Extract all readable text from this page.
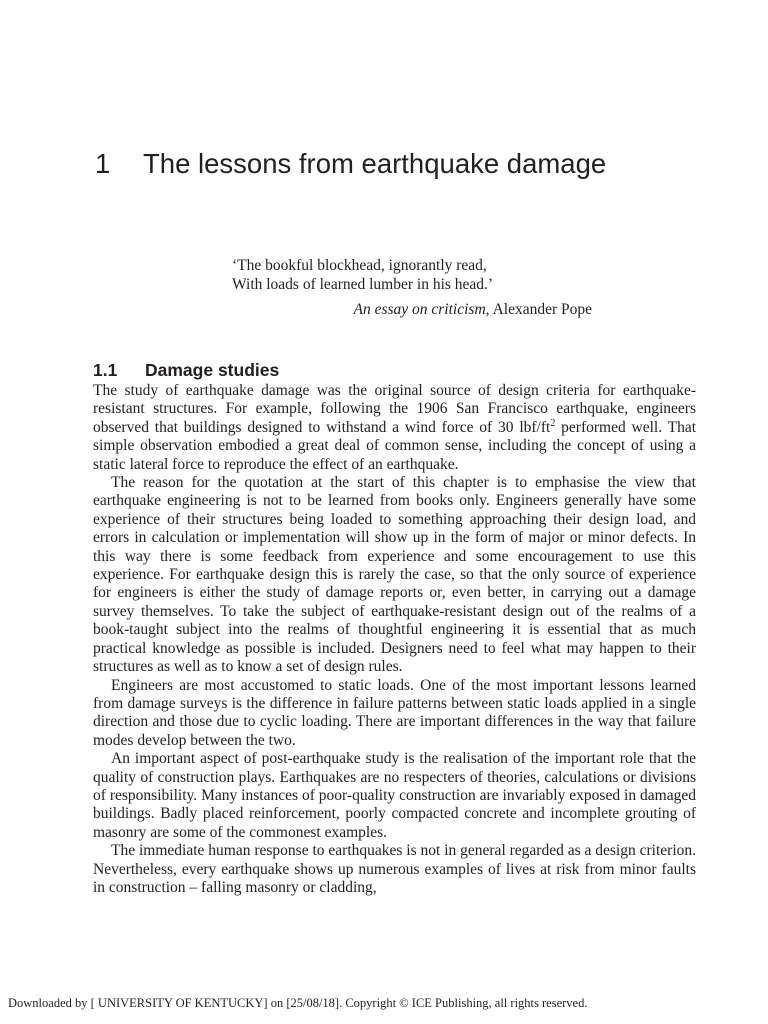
1 The lessons from earthquake damage
‘The bookful blockhead, ignorantly read,
With loads of learned lumber in his head.’
An essay on criticism, Alexander Pope
1.1 Damage studies

The study of earthquake damage was the original source of design criteria for earthquake-resistant structures. For example, following the 1906 San Francisco earthquake, engineers observed that buildings designed to withstand a wind force of 30 lbf/$ft^2$ performed well. That simple observation embodied a great deal of common sense, including the concept of using a static lateral force to reproduce the effect of an earthquake.

The reason for the quotation at the start of this chapter is to emphasise the view that earthquake engineering is not to be learned from books only. Engineers generally have some experience of their structures being loaded to something approaching their design load, and errors in calculation or implementation will show up in the form of major or minor defects. In this way there is some feedback from experience and some encouragement to use this experience. For earthquake design this is rarely the case, so that the only source of experience for engineers is either the study of damage reports or, even better, in carrying out a damage survey themselves. To take the subject of earthquake-resistant design out of the realms of a book-taught subject into the realms of thoughtful engineering it is essential that as much practical knowledge as possible is included. Designers need to feel what may happen to their structures as well as to know a set of design rules.

Engineers are most accustomed to static loads. One of the most important lessons learned from damage surveys is the difference in failure patterns between static loads applied in a single direction and those due to cyclic loading. There are important differences in the way that failure modes develop between the two.

An important aspect of post-earthquake study is the realisation of the important role that the quality of construction plays. Earthquakes are no respecters of theories, calculations or divisions of responsibility. Many instances of poor-quality construction are invariably exposed in damaged buildings. Badly placed reinforcement, poorly compacted concrete and incomplete grouting of masonry are some of the commonest examples.

The immediate human response to earthquakes is not in general regarded as a design criterion. Nevertheless, every earthquake shows up numerous examples of lives at risk from minor faults in construction – falling masonry or cladding,

Downloaded by [ UNIVERSITY OF KENTUCKY] on [25/08/18]. Copyright © ICE Publishing, all rights reserved.
